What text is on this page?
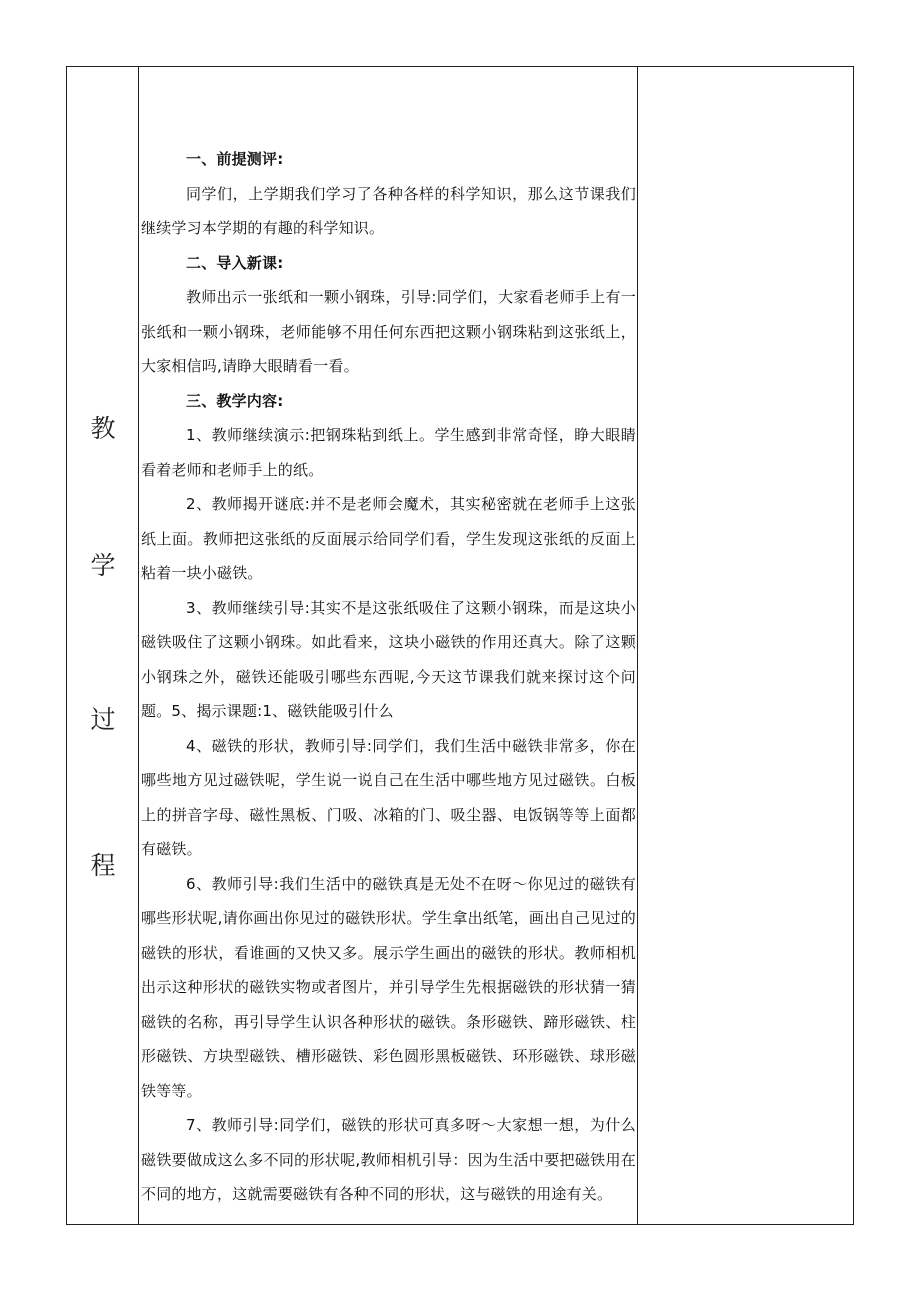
教
学
过
程

一、前提测评:

同学们，上学期我们学习了各种各样的科学知识，那么这节课我们继续学习本学期的有趣的科学知识。

二、导入新课:

教师出示一张纸和一颗小钢珠，引导:同学们，大家看老师手上有一张纸和一颗小钢珠，老师能够不用任何东西把这颗小钢珠粘到这张纸上，大家相信吗,请睁大眼睛看一看。

三、教学内容:

1、教师继续演示:把钢珠粘到纸上。学生感到非常奇怪，睁大眼睛看着老师和老师手上的纸。

2、教师揭开谜底:并不是老师会魔术，其实秘密就在老师手上这张纸上面。教师把这张纸的反面展示给同学们看，学生发现这张纸的反面上粘着一块小磁铁。

3、教师继续引导:其实不是这张纸吸住了这颗小钢珠，而是这块小磁铁吸住了这颗小钢珠。如此看来，这块小磁铁的作用还真大。除了这颗小钢珠之外，磁铁还能吸引哪些东西呢,今天这节课我们就来探讨这个问题。5、揭示课题:1、磁铁能吸引什么

4、磁铁的形状，教师引导:同学们，我们生活中磁铁非常多，你在哪些地方见过磁铁呢，学生说一说自己在生活中哪些地方见过磁铁。白板上的拼音字母、磁性黑板、门吸、冰箱的门、吸尘器、电饭锅等等上面都有磁铁。

6、教师引导:我们生活中的磁铁真是无处不在呀〜你见过的磁铁有哪些形状呢,请你画出你见过的磁铁形状。学生拿出纸笔，画出自己见过的磁铁的形状，看谁画的又快又多。展示学生画出的磁铁的形状。教师相机出示这种形状的磁铁实物或者图片，并引导学生先根据磁铁的形状猜一猜磁铁的名称，再引导学生认识各种形状的磁铁。条形磁铁、蹄形磁铁、柱形磁铁、方块型磁铁、槽形磁铁、彩色圆形黑板磁铁、环形磁铁、球形磁铁等等。

7、教师引导:同学们，磁铁的形状可真多呀〜大家想一想，为什么磁铁要做成这么多不同的形状呢,教师相机引导：因为生活中要把磁铁用在不同的地方，这就需要磁铁有各种不同的形状，这与磁铁的用途有关。
